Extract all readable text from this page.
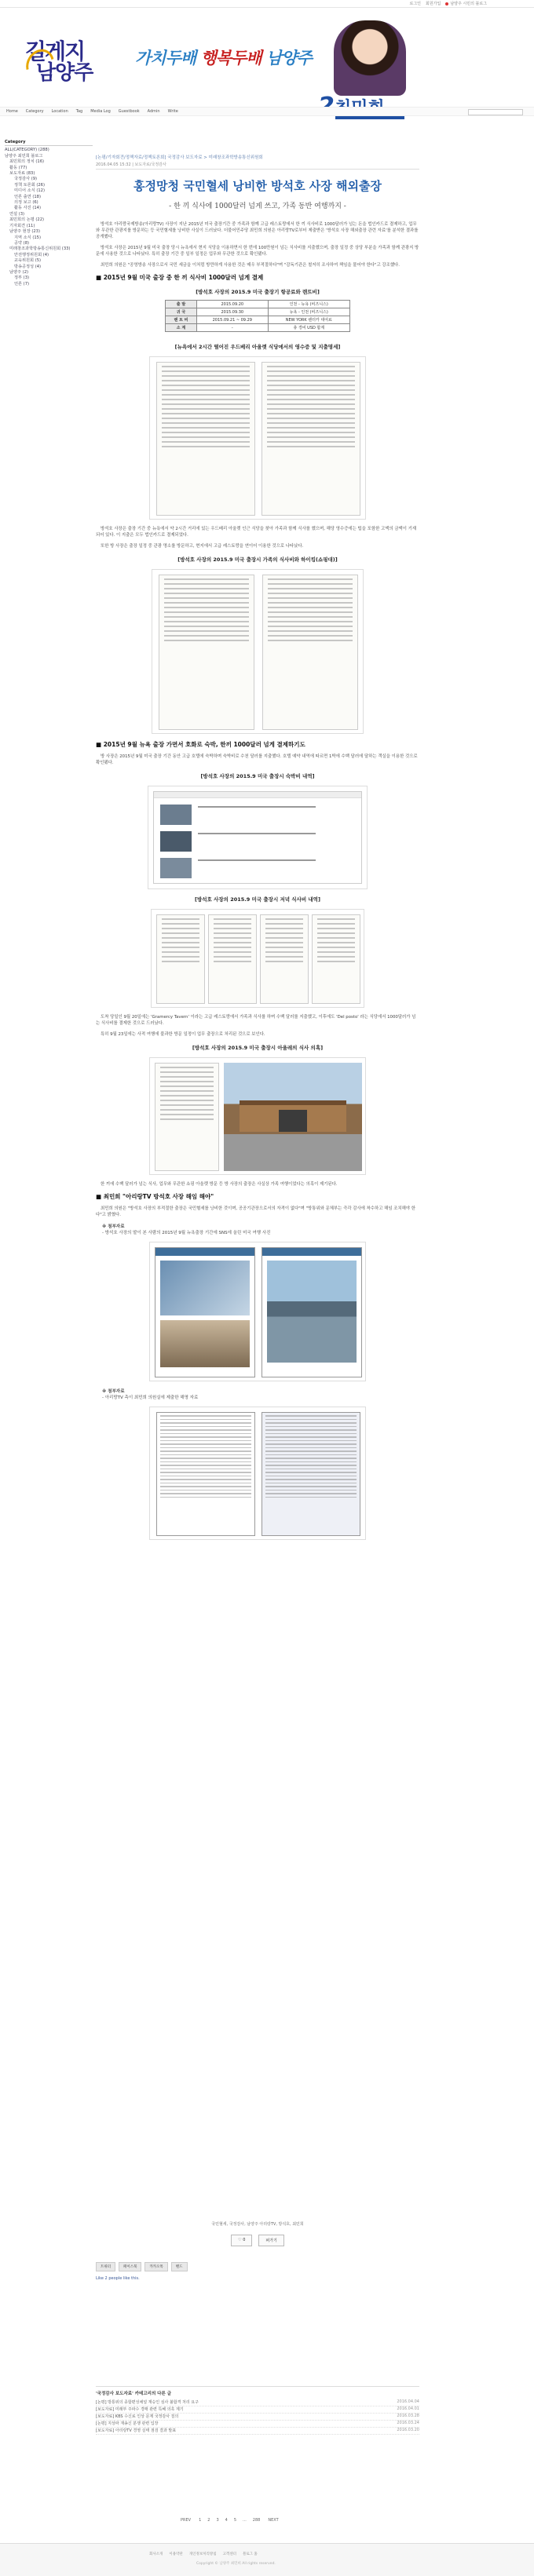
로그인 회원가입	남양주 시민의 블로그
길게지
남양주
가치두배 행복두배 남양주
Home Category Location Tag Media Log Guestbook Admin Write
Category
ALL(CATEGORY) (288)
남양주 최민희 블로그
최민희의 정치 (16)
활동 (77)
보도자료 (83)
국정감사 (9)
정책 토론회 (26)
미디어 소식 (12)
언론 출연 (18)
의정 보고 (6)
활동 사진 (14)
연설 (3)
최민희의 논평 (22)
기자회견 (11)
남양주 현장 (23)
지역 소식 (15)
공약 (8)
미래창조과학방송통신위원회 (33)
안전행정위원회 (4)
교육위원회 (5)
방송공정성 (4)
남양주 (2)
정부 (3)
언론 (7)
[논평/기자회견/정책자료/정책토론회] 국정감사 보도자료 > 미래창조과학방송통신위원회
2016.04.05 15:32 | 보도자료/국정감사
홍정망청 국민혈세 낭비한 방석호 사장 해외출장
- 한 끼 식사에 1000달러 넘게 쓰고, 가족 동반 여행까지 -

방석호 아리랑국제방송(아리랑TV) 사장이 지난 2015년 미국 출장기간 중 가족과 함께 고급 레스토랑에서 한 끼 식사비로 1000달러가 넘는 돈을 법인카드로 결제하고, 업무와 무관한 관광지를 방문하는 등 국민혈세를 낭비한 사실이 드러났다. 더불어민주당 최민희 의원은 아리랑TV로부터 제출받은 '방석호 사장 해외출장 관련 자료'를 분석한 결과를 공개했다.

방석호 사장은 2015년 9월 미국 출장 당시 뉴욕에서 현지 식당을 이용하면서 한 번에 100만원이 넘는 식사비를 지출했으며, 출장 일정 중 상당 부분을 가족과 함께 관광지 방문에 사용한 것으로 나타났다. 특히 출장 기간 중 일부 일정은 업무와 무관한 것으로 확인됐다.

최민희 의원은 "공영방송 사장으로서 국민 세금을 이처럼 방만하게 사용한 것은 매우 부적절하다"며 "감독기관은 철저히 조사하여 책임을 물어야 한다"고 강조했다.

■ 2015년 9월 미국 출장 중 한 끼 식사비 1000달러 넘게 결제
[방석호 사장의 2015.9 미국 출장기 항공료와 렌트비]
출 발	2015.09.20	인천 - 뉴욕 (비즈니스)
귀 국	2015.09.30	뉴욕 - 인천 (비즈니스)
렌 트 비	2015.09.21 ~ 09.29	NEW YORK 렌터카 대여료
소 계	-	총 경비 USD 합계
[뉴욕에서 2시간 떨어진 우드베리 아울렛 식당에서의 영수증 및 지출명세]

방석호 사장은 출장 기간 중 뉴욕에서 약 2시간 거리에 있는 우드베리 아울렛 인근 식당을 찾아 가족과 함께 식사를 했으며, 해당 영수증에는 팁을 포함한 고액의 금액이 기재되어 있다. 이 지출은 모두 법인카드로 결제되었다.

또한 방 사장은 출장 일정 중 관광 명소를 방문하고, 현지에서 고급 레스토랑을 연이어 이용한 것으로 나타났다.

[방석호 사장의 2015.9 미국 출장시 가족의 식사비와 하이킹(쇼핑대)]
■ 2015년 9월 뉴욕 출장 가면서 호화로 숙박, 한끼 1000달러 넘게 결제하기도

방 사장은 2015년 9월 미국 출장 기간 동안 고급 호텔에 숙박하며 숙박비로 수천 달러를 지출했다. 호텔 예약 내역에 따르면 1박에 수백 달러에 달하는 객실을 이용한 것으로 확인됐다.

[방석호 사장의 2015.9 미국 출장시 숙박비 내역]
[방석호 사장의 2015.9 미국 출장시 저녁 식사비 내역]

도착 당일인 9월 20일에는 'Gramercy Tavern' 이라는 고급 레스토랑에서 가족과 식사를 하며 수백 달러를 지출했고, 이후에도 'Del posto' 라는 식당에서 1000달러가 넘는 식사비를 결제한 것으로 드러났다.

특히 9월 23일에는 사적 여행에 불과한 방문 일정이 업무 출장으로 처리된 것으로 보인다.

[방석호 사장의 2015.9 미국 출장시 아울레의 식사 의혹]

한 끼에 수백 달러가 넘는 식사, 업무와 무관한 쇼핑 아울렛 방문 등 방 사장의 출장은 사실상 가족 여행이었다는 의혹이 제기된다.

■ 최민희 "아리랑TV 방석호 사장 해임 해야"

최민희 의원은 "방석호 사장의 부적절한 출장은 국민혈세를 낭비한 것이며, 공공기관장으로서의 자격이 없다"며 "방통위와 문체부는 즉각 감사에 착수하고 해임 조치해야 한다"고 밝혔다.

※ 첨부자료
- 방석호 사장의 딸이 본 사람의 2015년 9월 뉴욕출장 기간에 SNS에 올린 미국 여행 사진
※ 첨부자료
- 아리랑TV 측이 최민희 의원실에 제출한 해명 자료
국민혈세, 국정감사, 남양주 아리랑TV, 방석호, 최민희
♡ 0	퍼가기
트위터	페이스북	카카오톡	밴드
Like 2 people like this.
'국정감사 보도자료' 카테고리의 다른 글
2016.04.04
[논평] 방통위의 종합편성채널 재승인 심사 불합격 처리 요구
2016.04.01
[보도자료] 미래부 주파수 경매 관련 특혜 의혹 제기
2016.03.28
[보도자료] KBS 수신료 인상 문제 국정감사 질의
2016.03.24
[논평] 지상파 재송신 분쟁 관련 입장
2016.03.20
[보도자료] 아리랑TV 경영 실태 점검 결과 발표
PREV 1 2 3 4 5 ... 288 NEXT
회사소개 이용약관 개인정보처리방침 고객센터 블로그 홈
Copyright © 남양주 최민희 All rights reserved.
